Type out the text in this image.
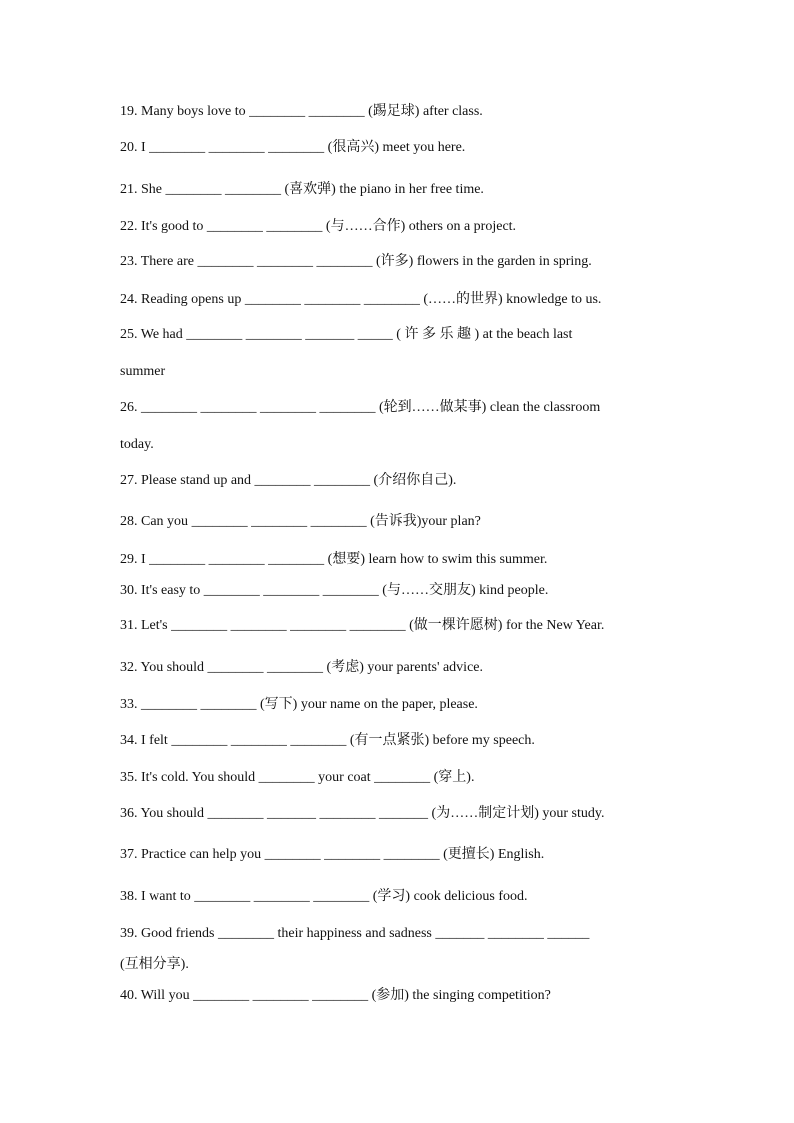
19. Many boys love to ________ ________ (踢足球) after class.
20. I ________ ________ ________ (很高兴) meet you here.
21. She ________ ________ (喜欢弹) the piano in her free time.
22. It's good to ________ ________ (与……合作) others on a project.
23. There are ________ ________ ________ (许多) flowers in the garden in spring.
24. Reading opens up ________ ________ ________ (……的世界) knowledge to us.
25. We had ________ ________ _______ _____ ( 许 多 乐 趣 ) at the beach last
summer
26. ________ ________ ________ ________ (轮到……做某事) clean the classroom
today.
27. Please stand up and ________ ________ (介绍你自己).
28. Can you ________ ________ ________ (告诉我)your plan?
29. I ________ ________ ________ (想要) learn how to swim this summer.
30. It's easy to ________ ________ ________ (与……交朋友) kind people.
31. Let's ________ ________ ________ ________ (做一棵许愿树) for the New Year.
32. You should ________ ________ (考虑) your parents' advice.
33. ________ ________ (写下) your name on the paper, please.
34. I felt ________ ________ ________ (有一点紧张) before my speech.
35. It's cold. You should ________ your coat ________ (穿上).
36. You should ________ _______ ________ _______ (为……制定计划) your study.
37. Practice can help you ________ ________ ________ (更擅长) English.
38. I want to ________ ________ ________ (学习) cook delicious food.
39. Good friends ________ their happiness and sadness _______ ________ ______
(互相分享).
40. Will you ________ ________ ________ (参加) the singing competition?
